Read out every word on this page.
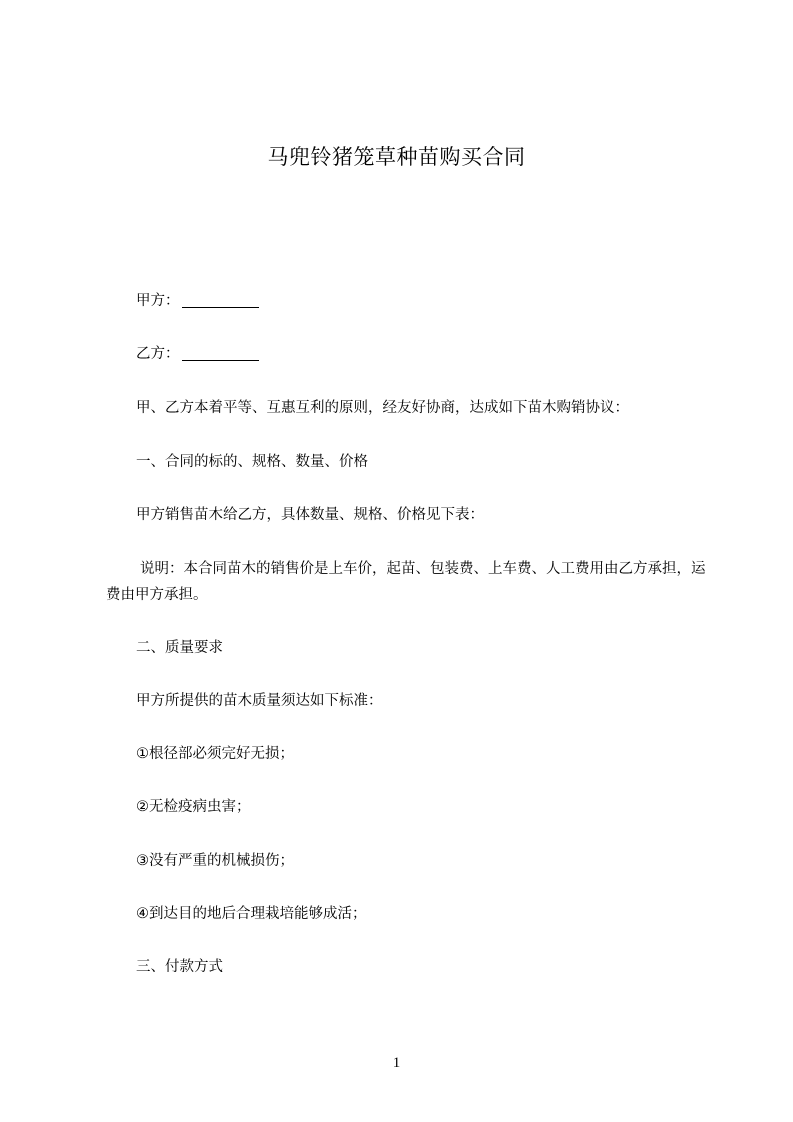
马兜铃猪笼草种苗购买合同
甲方：
乙方：
甲、乙方本着平等、互惠互利的原则，经友好协商，达成如下苗木购销协议：
一、合同的标的、规格、数量、价格
甲方销售苗木给乙方，具体数量、规格、价格见下表：
说明：本合同苗木的销售价是上车价，起苗、包装费、上车费、人工费用由乙方承担，运费由甲方承担。
二、质量要求
甲方所提供的苗木质量须达如下标准：
①根径部必须完好无损；
②无检疫病虫害；
③没有严重的机械损伤；
④到达目的地后合理栽培能够成活；
三、付款方式
1
